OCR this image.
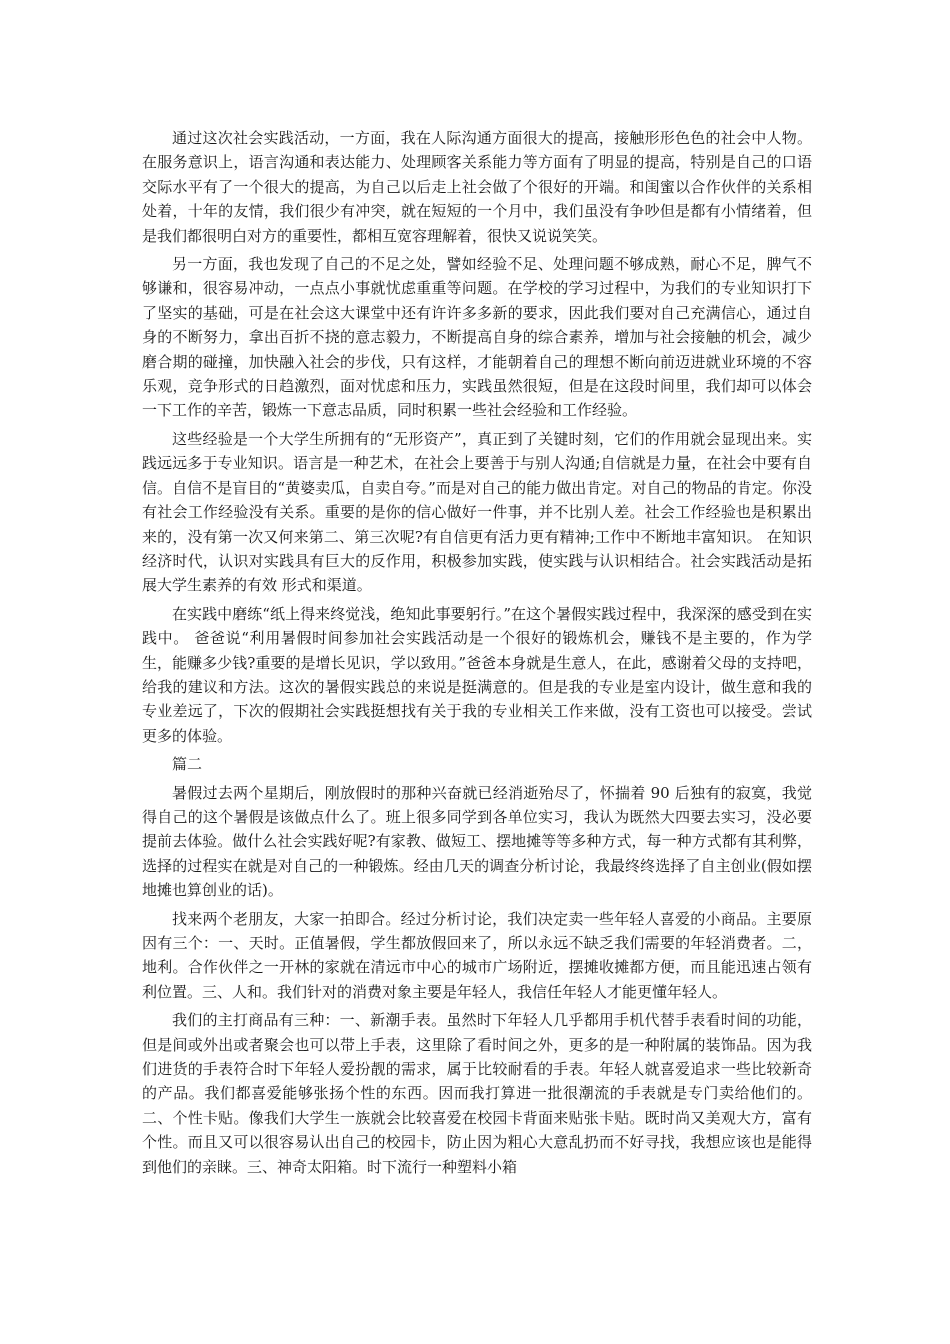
通过这次社会实践活动，一方面，我在人际沟通方面很大的提高，接触形形色色的社会中人物。在服务意识上，语言沟通和表达能力、处理顾客关系能力等方面有了明显的提高，特别是自己的口语交际水平有了一个很大的提高，为自己以后走上社会做了个很好的开端。和闺蜜以合作伙伴的关系相处着，十年的友情，我们很少有冲突，就在短短的一个月中，我们虽没有争吵但是都有小情绪着，但是我们都很明白对方的重要性，都相互宽容理解着，很快又说说笑笑。

另一方面，我也发现了自己的不足之处，譬如经验不足、处理问题不够成熟，耐心不足，脾气不够谦和，很容易冲动，一点点小事就忧虑重重等问题。在学校的学习过程中，为我们的专业知识打下了坚实的基础，可是在社会这大课堂中还有许许多多新的要求，因此我们要对自己充满信心，通过自身的不断努力，拿出百折不挠的意志毅力，不断提高自身的综合素养，增加与社会接触的机会，减少磨合期的碰撞，加快融入社会的步伐，只有这样，才能朝着自己的理想不断向前迈进就业环境的不容乐观，竞争形式的日趋激烈，面对忧虑和压力，实践虽然很短，但是在这段时间里，我们却可以体会一下工作的辛苦，锻炼一下意志品质，同时积累一些社会经验和工作经验。

这些经验是一个大学生所拥有的“无形资产”，真正到了关键时刻，它们的作用就会显现出来。实践远远多于专业知识。语言是一种艺术，在社会上要善于与别人沟通;自信就是力量，在社会中要有自信。自信不是盲目的“黄婆卖瓜，自卖自夸。”而是对自己的能力做出肯定。对自己的物品的肯定。你没有社会工作经验没有关系。重要的是你的信心做好一件事，并不比别人差。社会工作经验也是积累出来的，没有第一次又何来第二、第三次呢?有自信更有活力更有精神;工作中不断地丰富知识。 在知识经济时代，认识对实践具有巨大的反作用，积极参加实践，使实践与认识相结合。社会实践活动是拓展大学生素养的有效 形式和渠道。

在实践中磨练“纸上得来终觉浅，绝知此事要躬行。”在这个暑假实践过程中，我深深的感受到在实践中。 爸爸说“利用暑假时间参加社会实践活动是一个很好的锻炼机会，赚钱不是主要的，作为学生，能赚多少钱?重要的是增长见识，学以致用。”爸爸本身就是生意人，在此，感谢着父母的支持吧，给我的建议和方法。这次的暑假实践总的来说是挺满意的。但是我的专业是室内设计，做生意和我的专业差远了，下次的假期社会实践挺想找有关于我的专业相关工作来做，没有工资也可以接受。尝试更多的体验。

篇二

暑假过去两个星期后，刚放假时的那种兴奋就已经消逝殆尽了，怀揣着 90 后独有的寂寞，我觉得自己的这个暑假是该做点什么了。班上很多同学到各单位实习，我认为既然大四要去实习，没必要提前去体验。做什么社会实践好呢?有家教、做短工、摆地摊等等多种方式，每一种方式都有其利弊，选择的过程实在就是对自己的一种锻炼。经由几天的调查分析讨论，我最终终选择了自主创业(假如摆地摊也算创业的话)。

找来两个老朋友，大家一拍即合。经过分析讨论，我们决定卖一些年轻人喜爱的小商品。主要原因有三个：一、天时。正值暑假，学生都放假回来了，所以永远不缺乏我们需要的年轻消费者。二，地利。合作伙伴之一开林的家就在清远市中心的城市广场附近，摆摊收摊都方便，而且能迅速占领有利位置。三、人和。我们针对的消费对象主要是年轻人，我信任年轻人才能更懂年轻人。

我们的主打商品有三种：一、新潮手表。虽然时下年轻人几乎都用手机代替手表看时间的功能，但是间或外出或者聚会也可以带上手表，这里除了看时间之外，更多的是一种附属的装饰品。因为我们进货的手表符合时下年轻人爱扮靓的需求，属于比较耐看的手表。年轻人就喜爱追求一些比较新奇的产品。我们都喜爱能够张扬个性的东西。因而我打算进一批很潮流的手表就是专门卖给他们的。二、个性卡贴。像我们大学生一族就会比较喜爱在校园卡背面来贴张卡贴。既时尚又美观大方，富有个性。而且又可以很容易认出自己的校园卡，防止因为粗心大意乱扔而不好寻找，我想应该也是能得到他们的亲睐。三、神奇太阳箱。时下流行一种塑料小箱
